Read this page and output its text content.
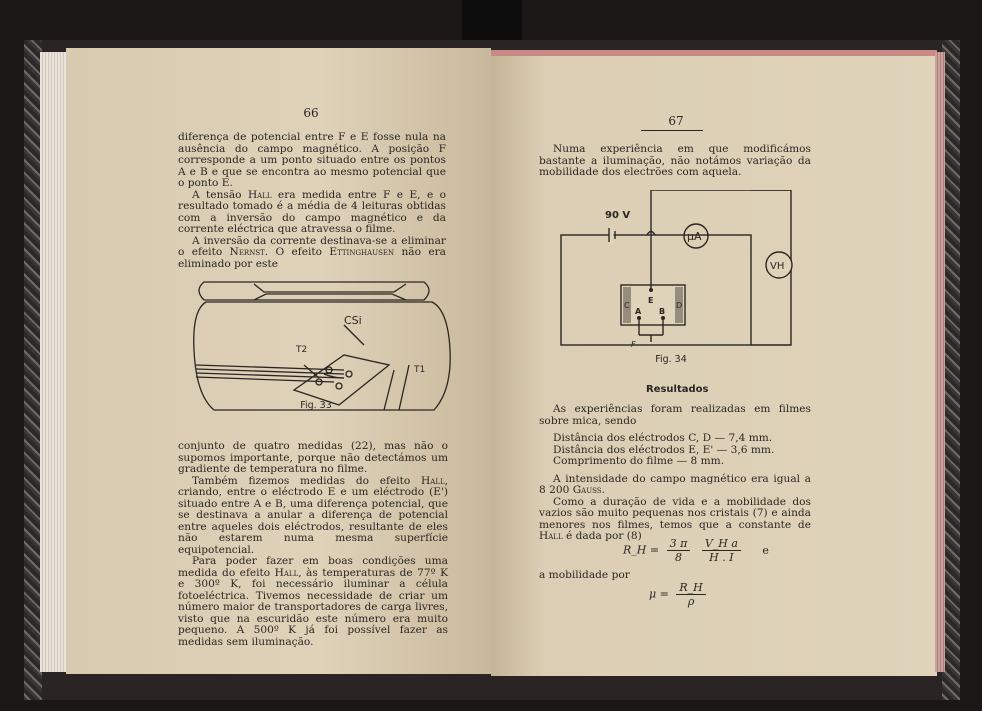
66

diferença de potencial entre F e E fosse nula na ausência do campo magnético. A posição F corresponde a um ponto situado entre os pontos A e B e que se encontra ao mesmo potencial que o ponto E.

A tensão Hall era medida entre F e E, e o resultado tomado é a média de 4 leituras obtidas com a inversão do campo magnético e da corrente eléctrica que atravessa o filme.

A inversão da corrente destinava-se a eliminar o efeito Nernst. O efeito Ettinghausen não era eliminado por este

CSi
T2
T1
Fig. 33

conjunto de quatro medidas (22), mas não o supomos importante, porque não detectámos um gradiente de temperatura no filme.

Também fizemos medidas do efeito Hall, criando, entre o eléctrodo E e um eléctrodo (E') situado entre A e B, uma diferença potencial, que se destinava a anular a diferença de potencial entre aqueles dois eléctrodos, resultante de eles não estarem numa mesma superfície equipotencial.

Para poder fazer em boas condições uma medida do efeito Hall, às temperaturas de 77º K e 300º K, foi necessário iluminar a célula fotoeléctrica. Tivemos necessidade de criar um número maior de transportadores de carga livres, visto que na escuridão este número era muito pequeno. A 500º K já foi possível fazer as medidas sem iluminação.

67

Numa experiência em que modificámos bastante a iluminação, não notámos variação da mobilidade dos electrões com aquela.

90 V
μA
VH
C	D
E
A B
F
Fig. 34
Resultados

As experiências foram realizadas em filmes sobre mica, sendo

Distância dos eléctrodos C, D — 7,4 mm.

Distância dos eléctrodos E, E' — 3,6 mm.

Comprimento do filme — 8 mm.

A intensidade do campo magnético era igual a 8 200 Gauss.

Como a duração de vida e a mobilidade dos vazios são muito pequenas nos cristais (7) e ainda menores nos filmes, temos que a constante de Hall é dada por (8)

R_H = $\frac{3 \pi}{8}$
$\frac{\text{V\_H a}}{H . I}$ e
a mobilidade por
$\mu = \frac{R\_H}{\rho}$
